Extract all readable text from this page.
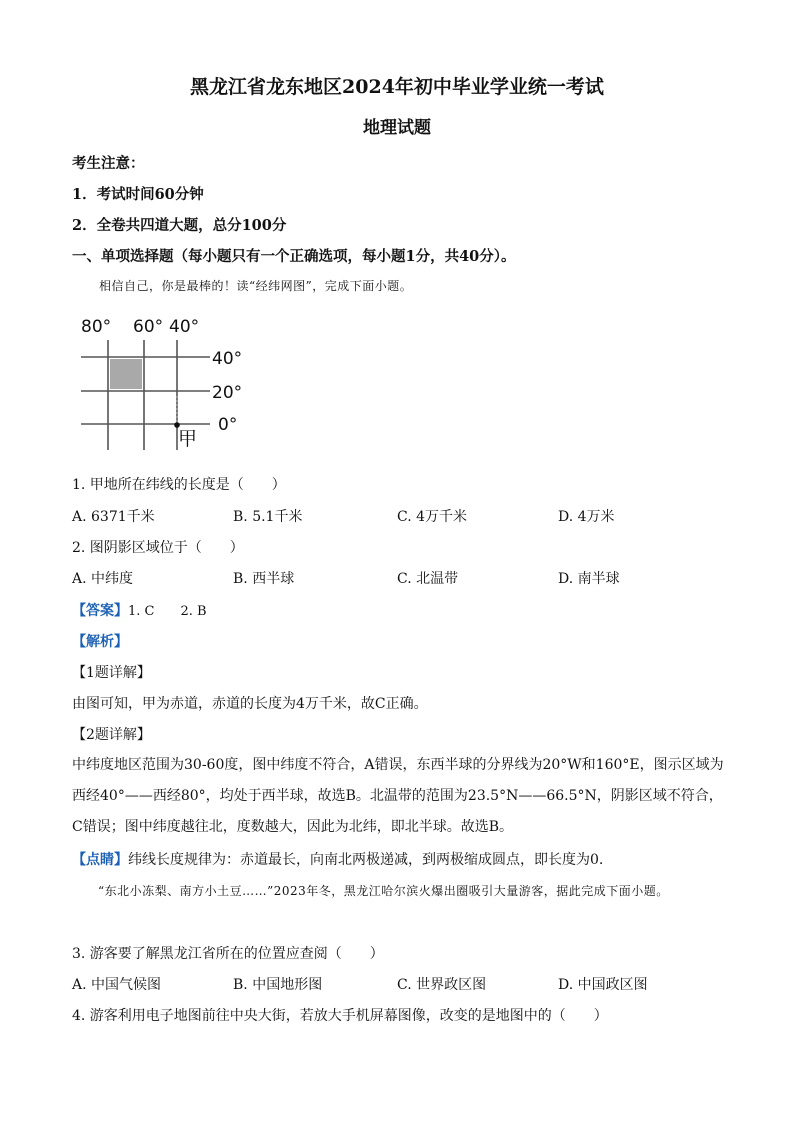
黑龙江省龙东地区2024年初中毕业学业统一考试
地理试题
考生注意：
1．考试时间60分钟
2．全卷共四道大题，总分100分
一、单项选择题（每小题只有一个正确选项，每小题1分，共40分）。
相信自己，你是最棒的！读“经纬网图”，完成下面小题。
80° 60° 40°
40°
20°
0°
甲
1. 甲地所在纬线的长度是（　　）
A. 6371千米	B. 5.1千米	C. 4万千米	D. 4万米
2. 图阴影区域位于（　　）
A. 中纬度	B. 西半球	C. 北温带	D. 南半球
【答案】1. C　　2. B
【解析】
【1题详解】
由图可知，甲为赤道，赤道的长度为4万千米，故C正确。
【2题详解】
中纬度地区范围为30-60度，图中纬度不符合，A错误，东西半球的分界线为20°W和160°E，图示区域为西经40°——西经80°，均处于西半球，故选B。北温带的范围为23.5°N——66.5°N，阴影区域不符合，C错误；图中纬度越往北，度数越大，因此为北纬，即北半球。故选B。
【点睛】纬线长度规律为：赤道最长，向南北两极递减，到两极缩成圆点，即长度为0.
“东北小冻梨、南方小土豆……”2023年冬，黑龙江哈尔滨火爆出圈吸引大量游客，据此完成下面小题。
3. 游客要了解黑龙江省所在的位置应查阅（　　）
A. 中国气候图	B. 中国地形图	C. 世界政区图	D. 中国政区图
4. 游客利用电子地图前往中央大街，若放大手机屏幕图像，改变的是地图中的（　　）
